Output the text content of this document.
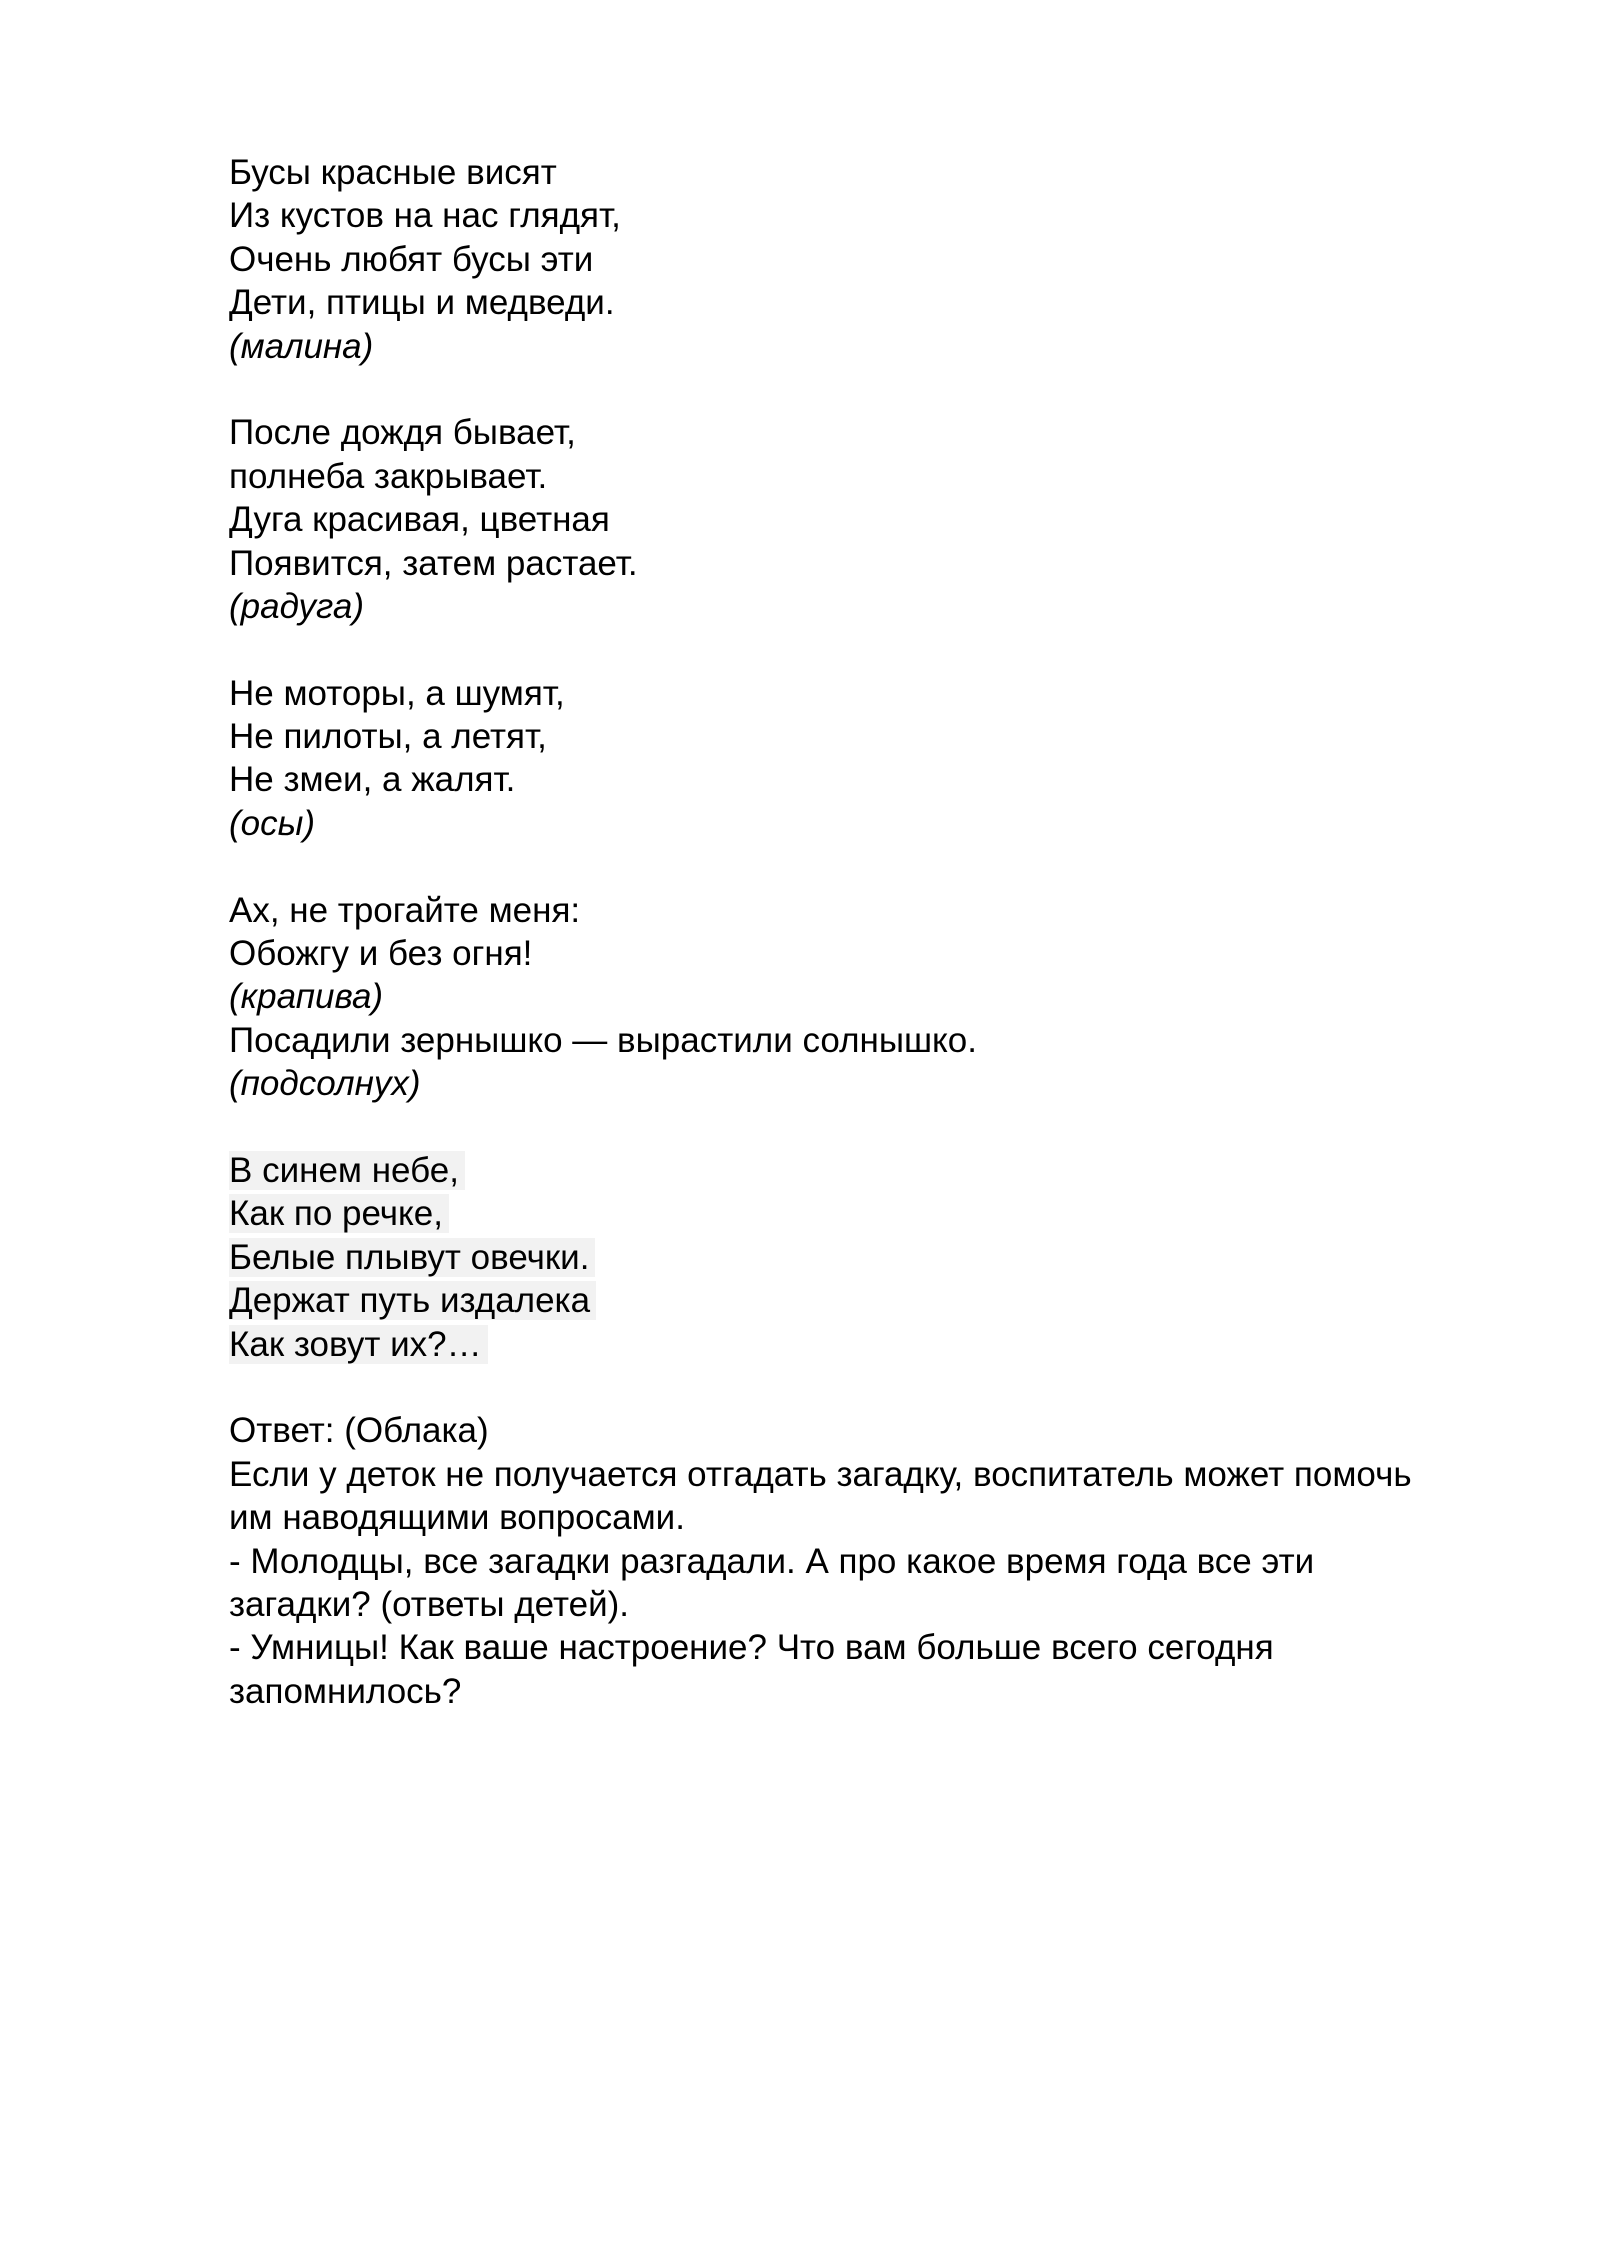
Бусы красные висят
Из кустов на нас глядят,
Очень любят бусы эти
Дети, птицы и медведи.
(малина)
После дождя бывает,
полнеба закрывает.
Дуга красивая, цветная
Появится, затем растает.
(радуга)
Не моторы, а шумят,
Не пилоты, а летят,
Не змеи, а жалят.
(осы)
Ах, не трогайте меня:
Обожгу и без огня!
(крапива)
Посадили зернышко — вырастили солнышко.
(подсолнух)
В синем небе,
Как по речке,
Белые плывут овечки.
Держат путь издалека
Как зовут их?…
Ответ: (Облака)
Если у деток не получается отгадать загадку, воспитатель может помочь им наводящими вопросами.
- Молодцы, все загадки разгадали. А про какое время года все эти загадки? (ответы детей).
- Умницы! Как ваше настроение? Что вам больше всего сегодня запомнилось?
